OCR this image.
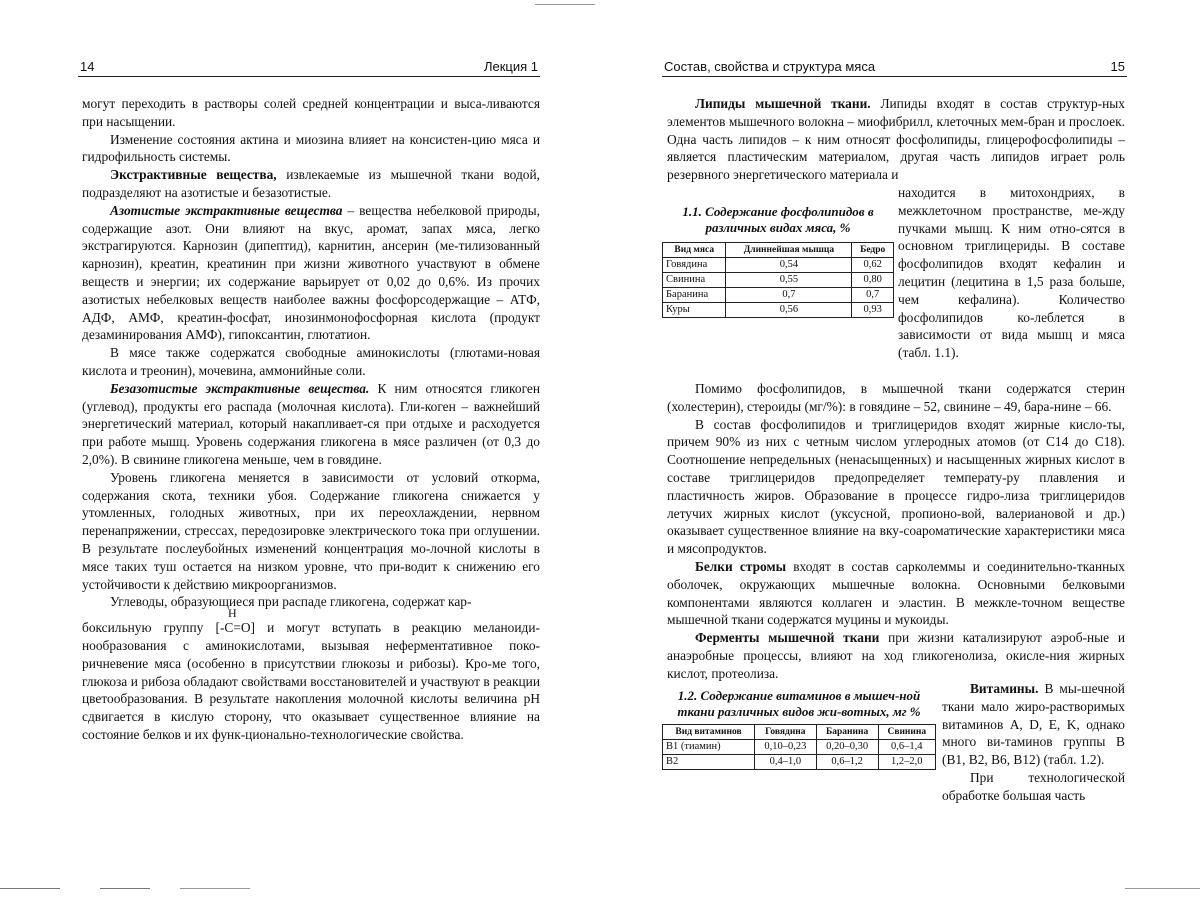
14	Лекция 1

могут переходить в растворы солей средней концентрации и выса-ливаются при насыщении.

Изменение состояния актина и миозина влияет на консистен-цию мяса и гидрофильность системы.

Экстрактивные вещества, извлекаемые из мышечной ткани водой, подразделяют на азотистые и безазотистые.

Азотистые экстрактивные вещества – вещества небелковой природы, содержащие азот. Они влияют на вкус, аромат, запах мяса, легко экстрагируются. Карнозин (дипептид), карнитин, ансерин (ме-тилизованный карнозин), креатин, креатинин при жизни животного участвуют в обмене веществ и энергии; их содержание варьирует от 0,02 до 0,6%. Из прочих азотистых небелковых веществ наиболее важны фосфорсодержащие – АТФ, АДФ, АМФ, креатин-фосфат, инозинмонофосфорная кислота (продукт дезаминирования АМФ), гипоксантин, глютатион.

В мясе также содержатся свободные аминокислоты (глютами-новая кислота и треонин), мочевина, аммонийные соли.

Безазотистые экстрактивные вещества. К ним относятся гликоген (углевод), продукты его распада (молочная кислота). Гли-коген – важнейший энергетический материал, который накапливает-ся при отдыхе и расходуется при работе мышц. Уровень содержания гликогена в мясе различен (от 0,3 до 2,0%). В свинине гликогена меньше, чем в говядине.

Уровень гликогена меняется в зависимости от условий откорма, содержания скота, техники убоя. Содержание гликогена снижается у утомленных, голодных животных, при их переохлаждении, нервном перенапряжении, стрессах, передозировке электрического тока при оглушении. В результате послеубойных изменений концентрация мо-лочной кислоты в мясе таких туш остается на низком уровне, что при-водит к снижению его устойчивости к действию микроорганизмов.

Углеводы, образующиеся при распаде гликогена, содержат кар-

H

боксильную группу [-C=O] и могут вступать в реакцию меланоиди-нообразования с аминокислотами, вызывая неферментативное поко-ричневение мяса (особенно в присутствии глюкозы и рибозы). Кро-ме того, глюкоза и рибоза обладают свойствами восстановителей и участвуют в реакции цветообразования. В результате накопления молочной кислоты величина pH сдвигается в кислую сторону, что оказывает существенное влияние на состояние белков и их функ-ционально-технологические свойства.

Состав, свойства и структура мяса	15

Липиды мышечной ткани. Липиды входят в состав структур-ных элементов мышечного волокна – миофибрилл, клеточных мем-бран и прослоек. Одна часть липидов – к ним относят фосфолипиды, глицерофосфолипиды – является пластическим материалом, другая часть липидов играет роль резервного энергетического материала и

1.1. Содержание фосфолипидов в различных видах мяса, %
Вид мяса	Длиннейшая мышца	Бедро
Говядина	0,54	0,62
Свинина	0,55	0,80
Баранина	0,7	0,7
Куры	0,56	0,93
находится в митохондриях, в межклеточном пространстве, ме-жду пучками мышц. К ним отно-сятся в основном триглицериды. В составе фосфолипидов входят кефалин и лецитин (лецитина в 1,5 раза больше, чем кефалина). Количество фосфолипидов ко-леблется в зависимости от вида мышц и мяса (табл. 1.1).

Помимо фосфолипидов, в мышечной ткани содержатся стерин (холестерин), стероиды (мг/%): в говядине – 52, свинине – 49, бара-нине – 66.

В состав фосфолипидов и триглицеридов входят жирные кисло-ты, причем 90% из них с четным числом углеродных атомов (от C14 до C18). Соотношение непредельных (ненасыщенных) и насыщенных жирных кислот в составе триглицеридов предопределяет температу-ру плавления и пластичность жиров. Образование в процессе гидро-лиза триглицеридов летучих жирных кислот (уксусной, пропионо-вой, валериановой и др.) оказывает существенное влияние на вку-соароматические характеристики мяса и мясопродуктов.

Белки стромы входят в состав сарколеммы и соединительно-тканных оболочек, окружающих мышечные волокна. Основными белковыми компонентами являются коллаген и эластин. В межкле-точном веществе мышечной ткани содержатся муцины и мукоиды.

Ферменты мышечной ткани при жизни катализируют аэроб-ные и анаэробные процессы, влияют на ход гликогенолиза, окисле-ния жирных кислот, протеолиза.

1.2. Содержание витаминов в мышеч-ной ткани различных видов жи-вотных, мг %
Вид витаминов	Говядина	Баранина	Свинина
B1 (тиамин)	0,10–0,23	0,20–0,30	0,6–1,4
B2	0,4–1,0	0,6–1,2	1,2–2,0
Витамины. В мы-шечной ткани мало жиро-растворимых витаминов А, D, E, K, однако много ви-таминов группы В (B1, B2, B6, B12) (табл. 1.2).
При технологической обработке большая часть
